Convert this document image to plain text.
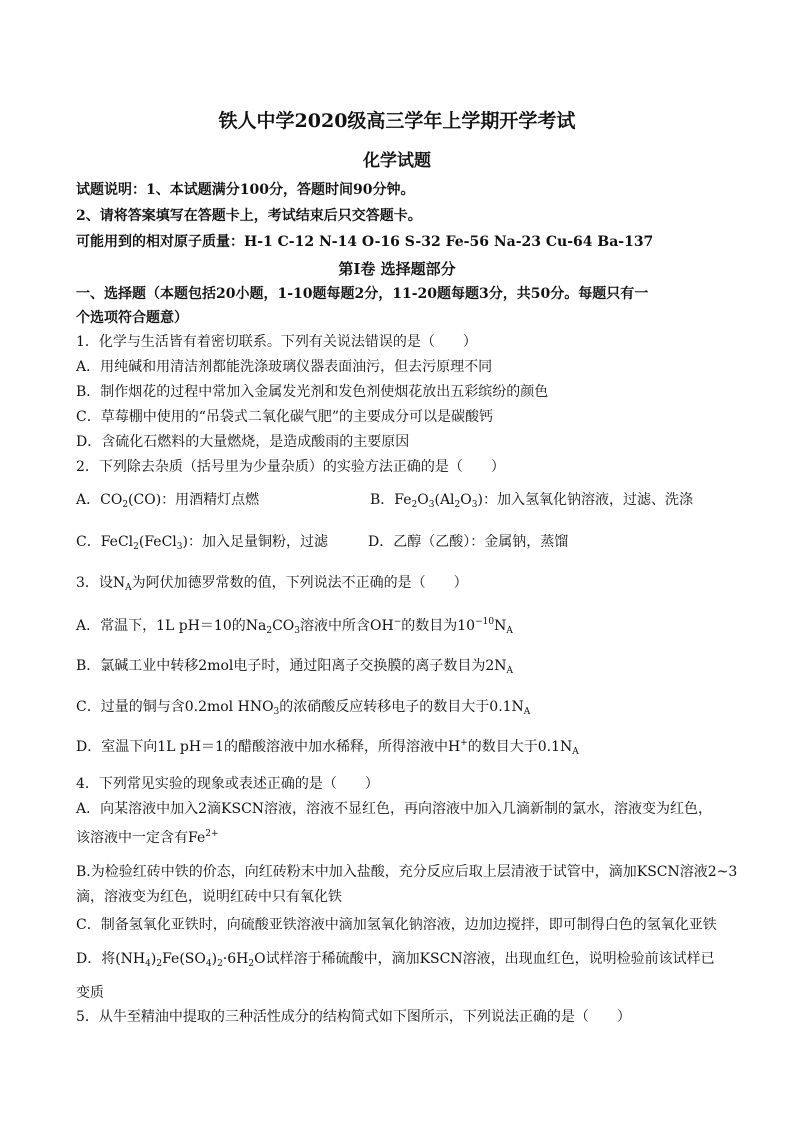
铁人中学2020级高三学年上学期开学考试
化学试题
试题说明：1、本试题满分100分，答题时间90分钟。
2、请将答案填写在答题卡上，考试结束后只交答题卡。
可能用到的相对原子质量：H-1 C-12 N-14 O-16 S-32 Fe-56 Na-23 Cu-64 Ba-137
第Ⅰ卷 选择题部分
一、选择题（本题包括20小题，1-10题每题2分，11-20题每题3分，共50分。每题只有一
个选项符合题意）
1．化学与生活皆有着密切联系。下列有关说法错误的是（　　）
A．用纯碱和用清洁剂都能洗涤玻璃仪器表面油污，但去污原理不同
B．制作烟花的过程中常加入金属发光剂和发色剂使烟花放出五彩缤纷的颜色
C．草莓棚中使用的“吊袋式二氧化碳气肥”的主要成分可以是碳酸钙
D．含硫化石燃料的大量燃烧，是造成酸雨的主要原因
2．下列除去杂质（括号里为少量杂质）的实验方法正确的是（　　）
A．$CO_2(CO)$：用酒精灯点燃	B．$Fe_2O_3(Al_2O_3)$：加入氢氧化钠溶液，过滤、洗涤
C．FeCl$_2$(FeCl$_3$)：加入足量铜粉，过滤	D．乙醇（乙酸）：金属钠，蒸馏
3．设$N_A$为阿伏加德罗常数的值，下列说法不正确的是（　　）
A．常温下，1L pH＝10的$Na_2CO_3$溶液中所含OH−的数目为$10^{-10}N_A$
B．氯碱工业中转移2mol电子时，通过阳离子交换膜的离子数目为$2N_A$
C．过量的铜与含0.2mol $HNO_3$的浓硝酸反应转移电子的数目大于$0.1N_A$
D．室温下向1L pH＝1的醋酸溶液中加水稀释，所得溶液中H+的数目大于$0.1N_A$
4．下列常见实验的现象或表述正确的是（　　）
A．向某溶液中加入2滴KSCN溶液，溶液不显红色，再向溶液中加入几滴新制的氯水，溶液变为红色，
该溶液中一定含有$Fe^{2+}$
B.为检验红砖中铁的价态，向红砖粉末中加入盐酸，充分反应后取上层清液于试管中，滴加KSCN溶液2~3
滴，溶液变为红色，说明红砖中只有氧化铁
C．制备氢氧化亚铁时，向硫酸亚铁溶液中滴加氢氧化钠溶液，边加边搅拌，即可制得白色的氢氧化亚铁
D．将$(NH_4)_2Fe(SO_4)_2\cdot 6H_2O$试样溶于稀硫酸中，滴加KSCN溶液，出现血红色，说明检验前该试样已
变质
5．从牛至精油中提取的三种活性成分的结构简式如下图所示，下列说法正确的是（　　）
